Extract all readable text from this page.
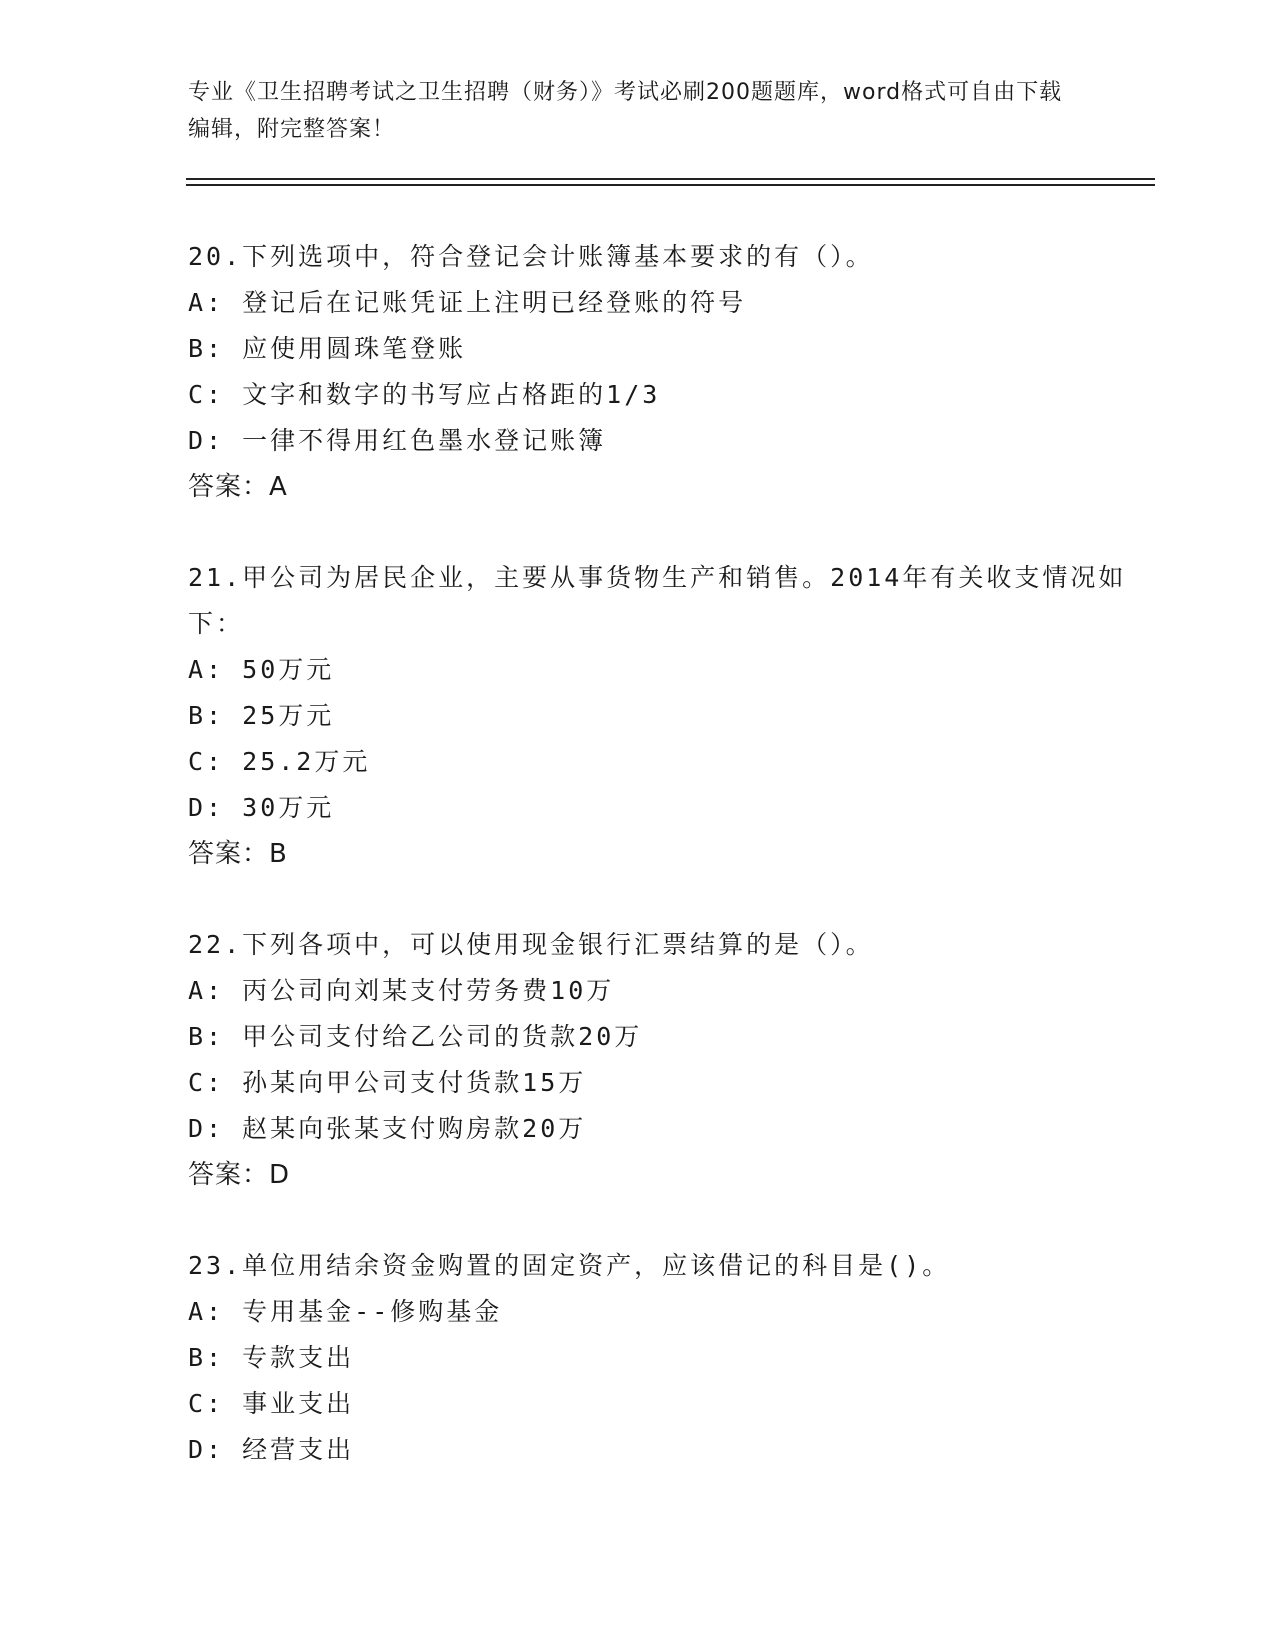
专业《卫生招聘考试之卫生招聘（财务）》考试必刷200题题库，word格式可自由下载编辑，附完整答案！
20.下列选项中，符合登记会计账簿基本要求的有（）。
A: 登记后在记账凭证上注明已经登账的符号
B: 应使用圆珠笔登账
C: 文字和数字的书写应占格距的1/3
D: 一律不得用红色墨水登记账簿
答案：A
21.甲公司为居民企业，主要从事货物生产和销售。2014年有关收支情况如下：
A: 50万元
B: 25万元
C: 25.2万元
D: 30万元
答案：B
22.下列各项中，可以使用现金银行汇票结算的是（）。
A: 丙公司向刘某支付劳务费10万
B: 甲公司支付给乙公司的货款20万
C: 孙某向甲公司支付货款15万
D: 赵某向张某支付购房款20万
答案：D
23.单位用结余资金购置的固定资产，应该借记的科目是()。
A: 专用基金--修购基金
B: 专款支出
C: 事业支出
D: 经营支出
